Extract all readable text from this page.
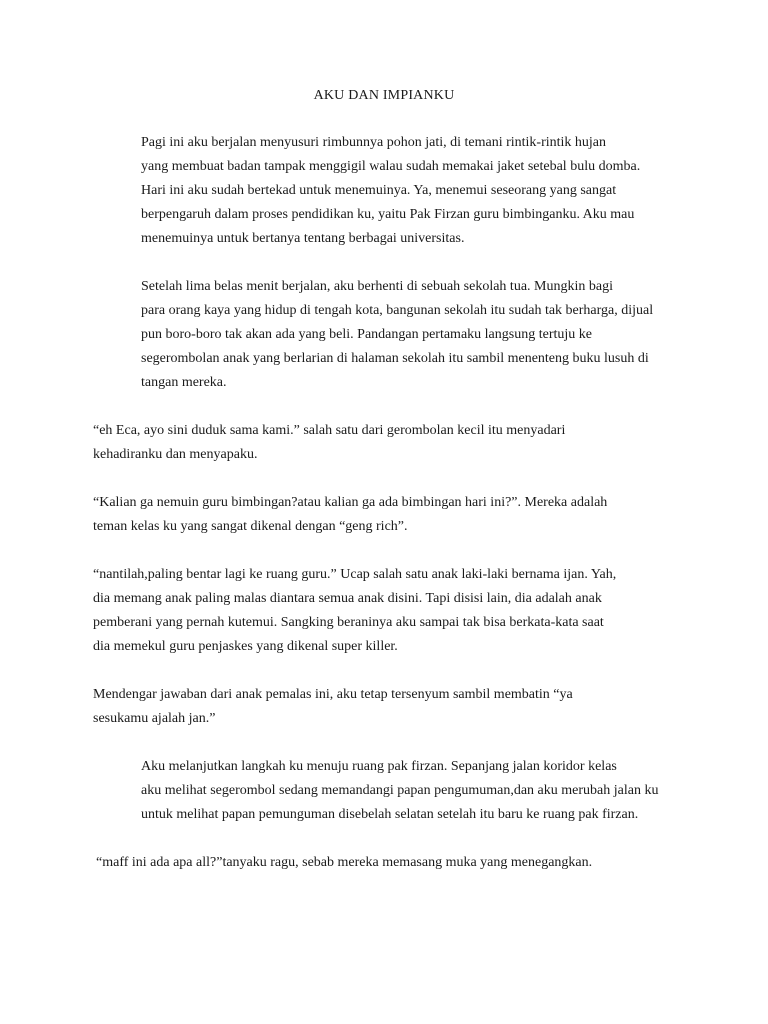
AKU DAN IMPIANKU

Pagi ini aku berjalan menyusuri rimbunnya pohon jati, di temani rintik-rintik hujan
yang membuat badan tampak menggigil walau sudah memakai jaket setebal bulu domba.
Hari ini aku sudah bertekad untuk menemuinya. Ya, menemui seseorang yang sangat
berpengaruh dalam proses pendidikan ku, yaitu Pak Firzan guru bimbinganku. Aku mau
menemuinya untuk bertanya tentang berbagai universitas.

Setelah lima belas menit berjalan, aku berhenti di sebuah sekolah tua. Mungkin bagi
para orang kaya yang hidup di tengah kota, bangunan sekolah itu sudah tak berharga, dijual
pun boro-boro tak akan ada yang beli. Pandangan pertamaku langsung tertuju ke
segerombolan anak yang berlarian di halaman sekolah itu sambil menenteng buku lusuh di
tangan mereka.

“eh Eca, ayo sini duduk sama kami.” salah satu dari gerombolan kecil itu menyadari
kehadiranku dan menyapaku.

“Kalian ga nemuin guru bimbingan?atau kalian ga ada bimbingan hari ini?”. Mereka adalah
teman kelas ku yang sangat dikenal dengan “geng rich”.

“nantilah,paling bentar lagi ke ruang guru.” Ucap salah satu anak laki-laki bernama ijan. Yah,
dia memang anak paling malas diantara semua anak disini. Tapi disisi lain, dia adalah anak
pemberani yang pernah kutemui. Sangking beraninya aku sampai tak bisa berkata-kata saat
dia memekul guru penjaskes yang dikenal super killer.

Mendengar jawaban dari anak pemalas ini, aku tetap tersenyum sambil membatin “ya
sesukamu ajalah jan.”

Aku melanjutkan langkah ku menuju ruang pak firzan. Sepanjang jalan koridor kelas
aku melihat segerombol sedang memandangi papan pengumuman,dan aku merubah jalan ku
untuk melihat papan pemunguman disebelah selatan setelah itu baru ke ruang pak firzan.

“maff ini ada apa all?”tanyaku ragu, sebab mereka memasang muka yang menegangkan.
